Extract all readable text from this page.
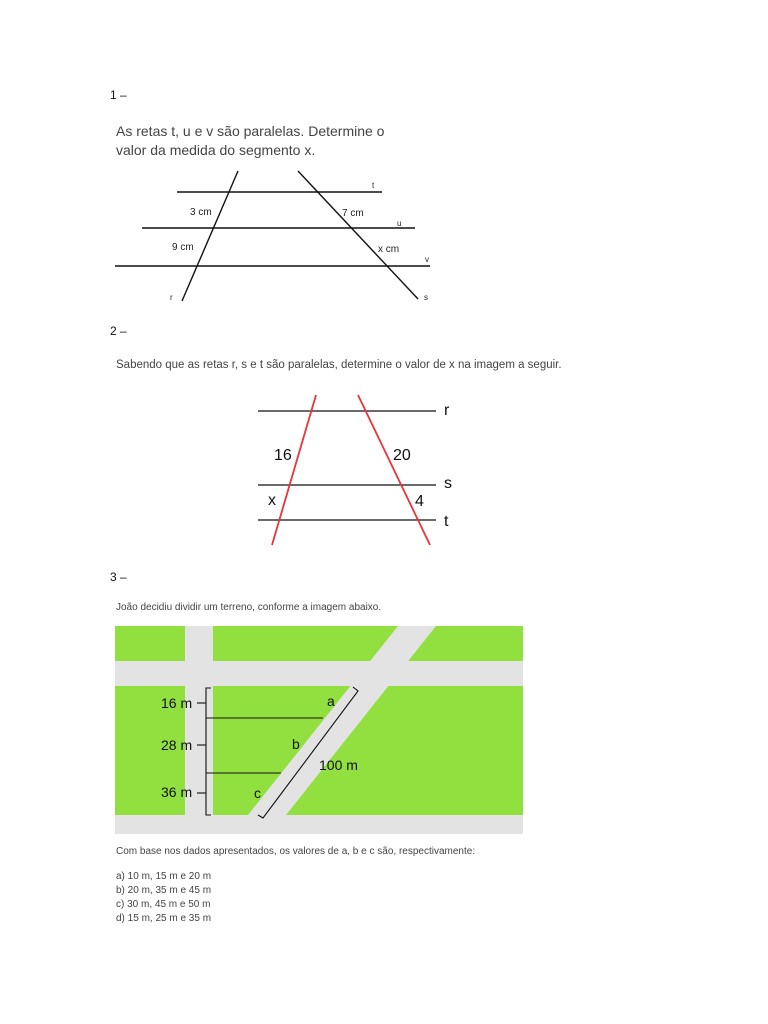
1 –
As retas t, u e v são paralelas. Determine o valor da medida do segmento x.
3 cm
9 cm
7 cm
x cm
t
u
v
r	s
2 –
Sabendo que as retas r, s e t são paralelas, determine o valor de x na imagem a seguir.
16
x
20
4
r
s
t
3 –
João decidiu dividir um terreno, conforme a imagem abaixo.
16 m
28 m
36 m
a
b
c
100 m
Com base nos dados apresentados, os valores de a, b e c são, respectivamente:
a) 10 m, 15 m e 20 m
b) 20 m, 35 m e 45 m
c) 30 m, 45 m e 50 m
d) 15 m, 25 m e 35 m
